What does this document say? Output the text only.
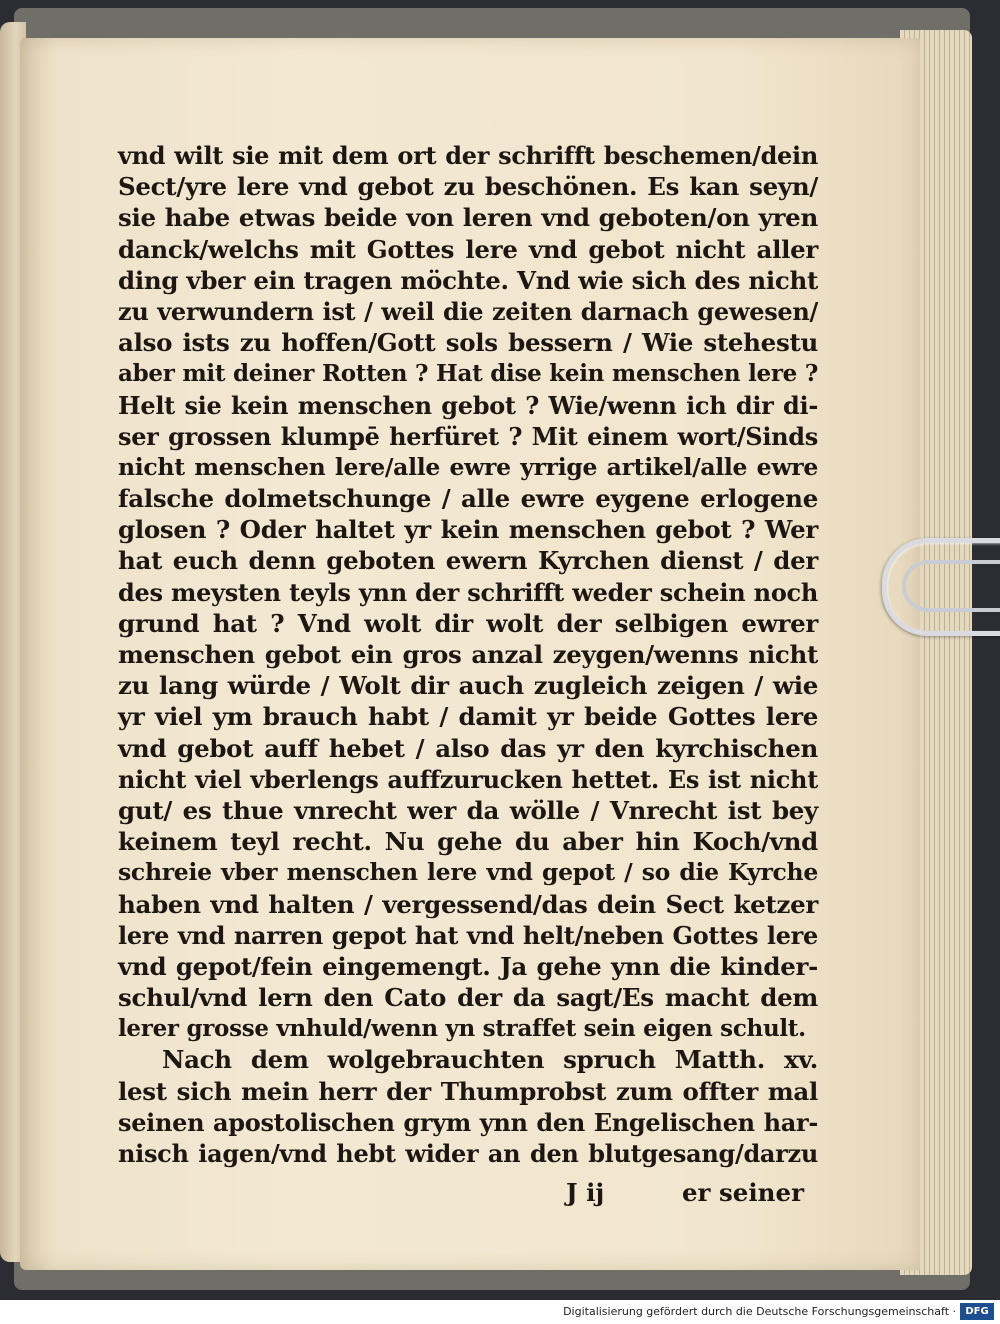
vnd wilt sie mit dem ort der schrifft beschemen/dein
Sect/yre lere vnd gebot zu beschönen. Es kan seyn/
sie habe etwas beide von leren vnd geboten/on yren
danck/welchs mit Gottes lere vnd gebot nicht aller
ding vber ein tragen möchte. Vnd wie sich des nicht
zu verwundern ist / weil die zeiten darnach gewesen/
also ists zu hoffen/Gott sols bessern / Wie stehestu
aber mit deiner Rotten ? Hat dise kein menschen lere ?
Helt sie kein menschen gebot ? Wie/wenn ich dir di-
ser grossen klumpē herfüret ? Mit einem wort/Sinds
nicht menschen lere/alle ewre yrrige artikel/alle ewre
falsche dolmetschunge / alle ewre eygene erlogene
glosen ? Oder haltet yr kein menschen gebot ? Wer
hat euch denn geboten ewern Kyrchen dienst / der
des meysten teyls ynn der schrifft weder schein noch
grund hat ? Vnd wolt dir wolt der selbigen ewrer
menschen gebot ein gros anzal zeygen/wenns nicht
zu lang würde / Wolt dir auch zugleich zeigen / wie
yr viel ym brauch habt / damit yr beide Gottes lere
vnd gebot auff hebet / also das yr den kyrchischen
nicht viel vberlengs auffzurucken hettet. Es ist nicht
gut/ es thue vnrecht wer da wölle / Vnrecht ist bey
keinem teyl recht. Nu gehe du aber hin Koch/vnd
schreie vber menschen lere vnd gepot / so die Kyrche
haben vnd halten / vergessend/das dein Sect ketzer
lere vnd narren gepot hat vnd helt/neben Gottes lere
vnd gepot/fein eingemengt. Ja gehe ynn die kinder-
schul/vnd lern den Cato der da sagt/Es macht dem
lerer grosse vnhuld/wenn yn straffet sein eigen schult.
Nach dem wolgebrauchten spruch Matth. xv.
lest sich mein herr der Thumprobst zum offter mal
seinen apostolischen grym ynn den Engelischen har-
nisch iagen/vnd hebt wider an den blutgesang/darzu
J ij	er seiner
Digitalisierung gefördert durch die Deutsche Forschungsgemeinschaft · DFG
